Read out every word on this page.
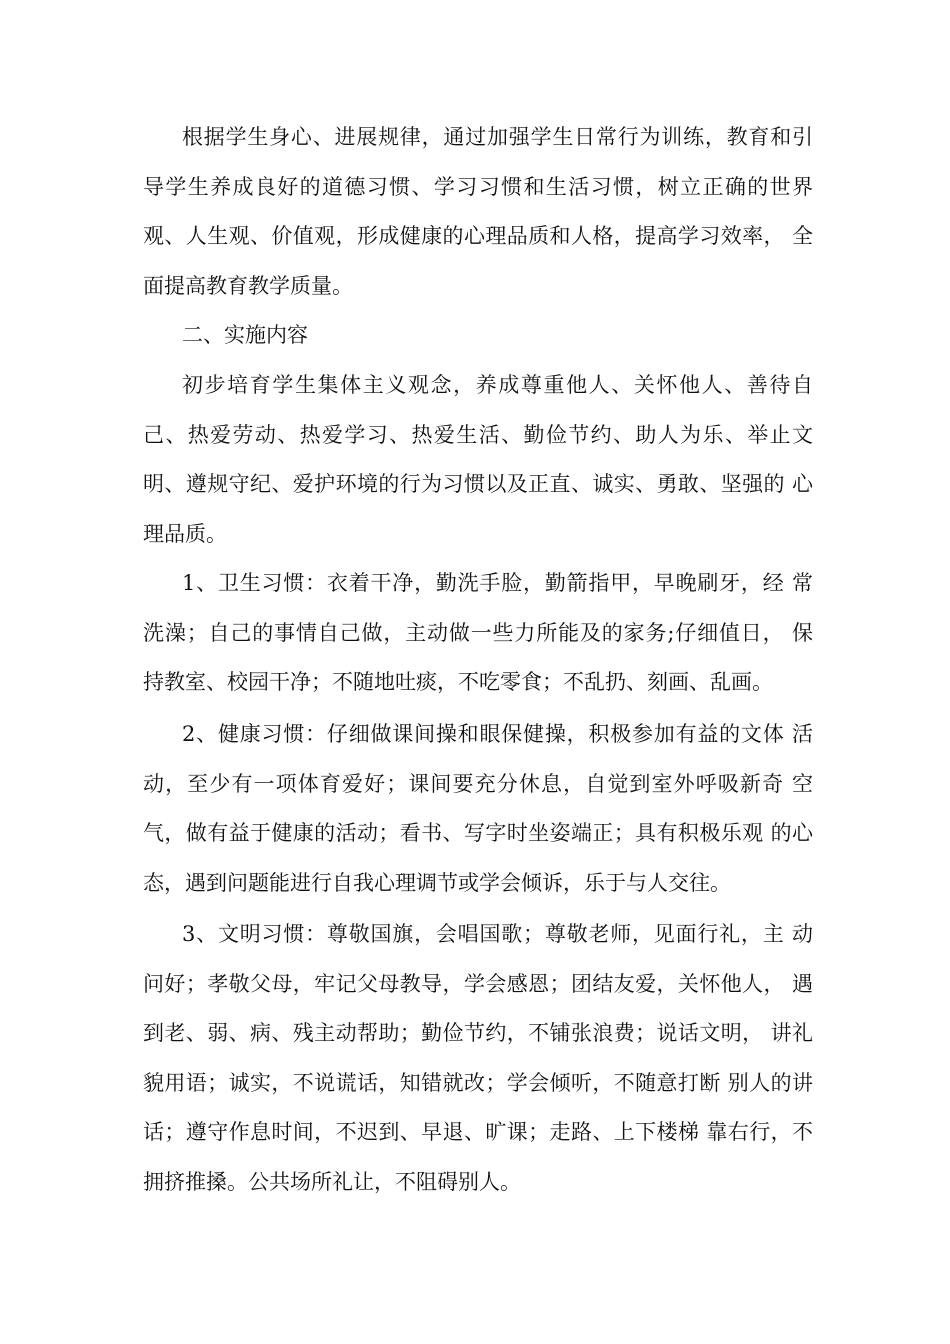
根据学生身心、进展规律，通过加强学生日常行为训练，教育和引
导学生养成良好的道德习惯、学习习惯和生活习惯，树立正确的世界
观、人生观、价值观，形成健康的心理品质和人格，提高学习效率， 全
面提高教育教学质量。
二、实施内容
初步培育学生集体主义观念，养成尊重他人、关怀他人、善待自
己、热爱劳动、热爱学习、热爱生活、勤俭节约、助人为乐、举止文
明、遵规守纪、爱护环境的行为习惯以及正直、诚实、勇敢、坚强的 心
理品质。
1、卫生习惯：衣着干净，勤洗手脸，勤箭指甲，早晚刷牙，经 常
洗澡；自己的事情自己做，主动做一些力所能及的家务;仔细值日， 保
持教室、校园干净；不随地吐痰，不吃零食；不乱扔、刻画、乱画。
2、健康习惯：仔细做课间操和眼保健操，积极参加有益的文体 活
动，至少有一项体育爱好；课间要充分休息，自觉到室外呼吸新奇 空
气，做有益于健康的活动；看书、写字时坐姿端正；具有积极乐观 的心
态，遇到问题能进行自我心理调节或学会倾诉，乐于与人交往。
3、文明习惯：尊敬国旗，会唱国歌；尊敬老师，见面行礼，主 动
问好；孝敬父母，牢记父母教导，学会感恩；团结友爱，关怀他人， 遇
到老、弱、病、残主动帮助；勤俭节约，不铺张浪费；说话文明， 讲礼
貌用语；诚实，不说谎话，知错就改；学会倾听，不随意打断 别人的讲
话；遵守作息时间，不迟到、早退、旷课；走路、上下楼梯 靠右行，不
拥挤推搡。公共场所礼让，不阻碍别人。
